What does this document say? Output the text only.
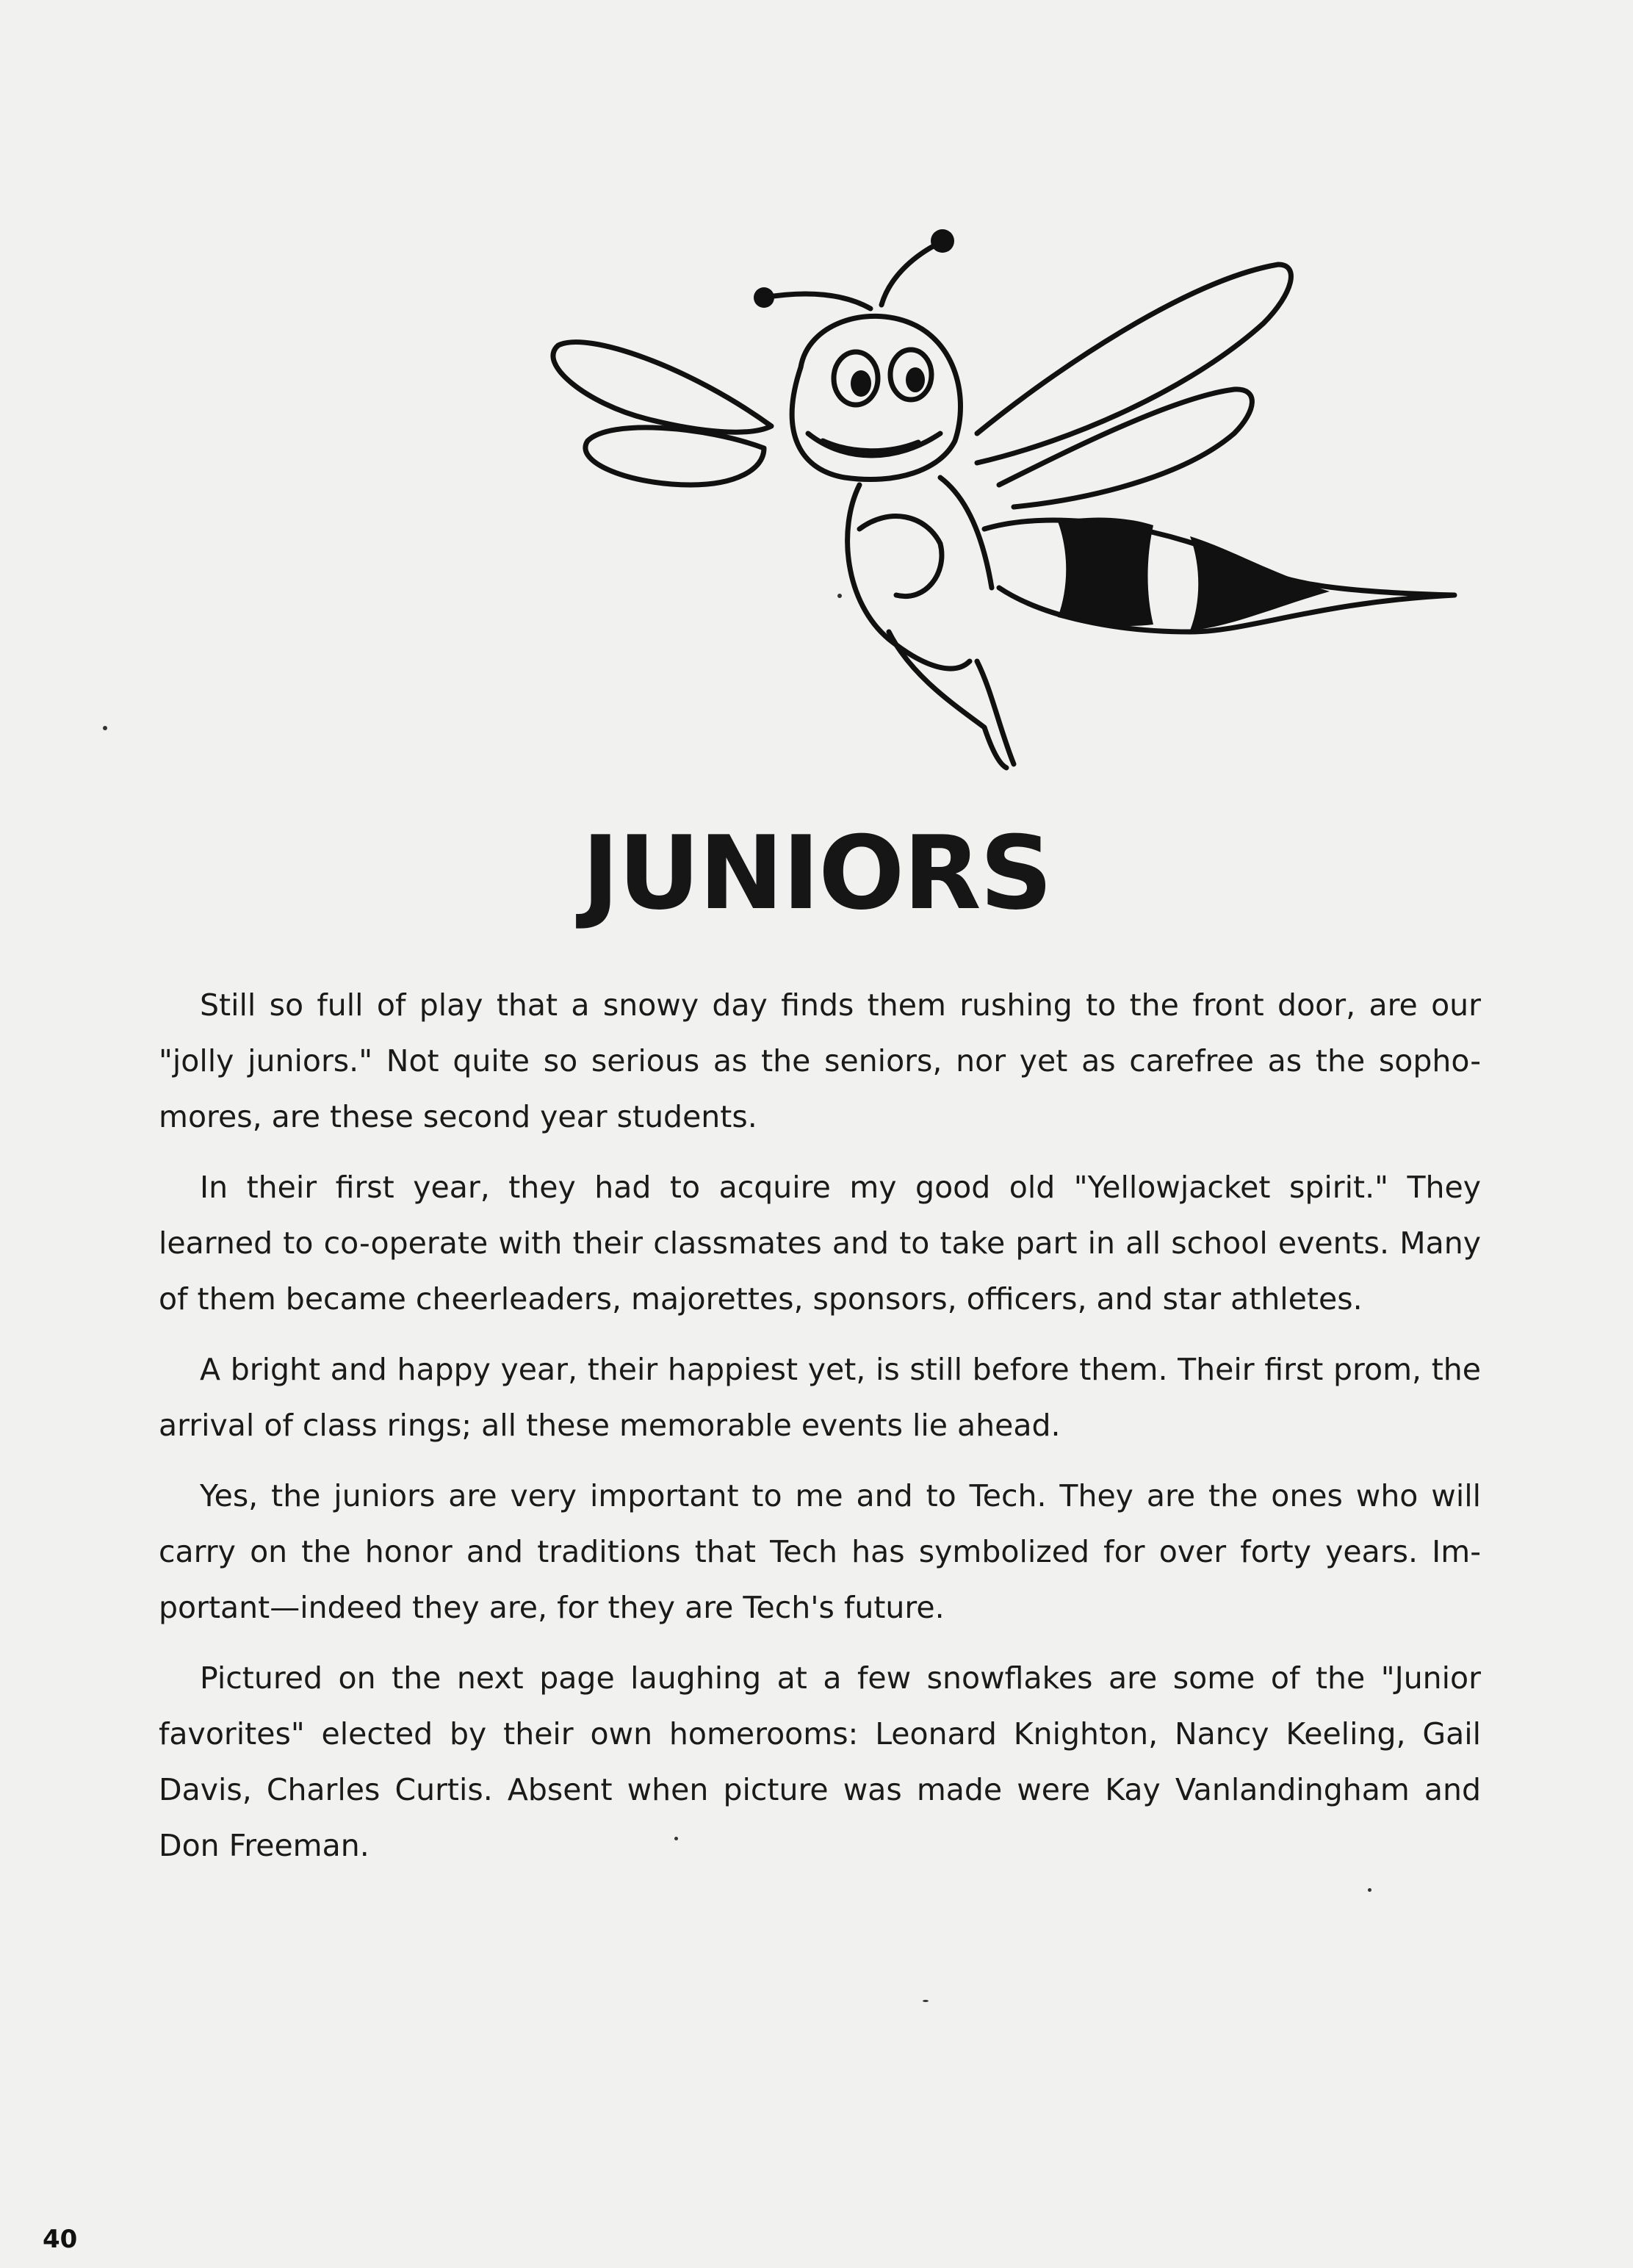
JUNIORS

Still so full of play that a snowy day finds them rushing to the front door, are our "jolly juniors." Not quite so serious as the seniors, nor yet as carefree as the sopho-mores, are these second year students.

In their first year, they had to acquire my good old "Yellowjacket spirit." They learned to co-operate with their classmates and to take part in all school events. Many of them became cheerleaders, majorettes, sponsors, officers, and star athletes.

A bright and happy year, their happiest yet, is still before them. Their first prom, the arrival of class rings; all these memorable events lie ahead.

Yes, the juniors are very important to me and to Tech. They are the ones who will carry on the honor and traditions that Tech has symbolized for over forty years. Im-portant—indeed they are, for they are Tech's future.

Pictured on the next page laughing at a few snowflakes are some of the "Junior favorites" elected by their own homerooms: Leonard Knighton, Nancy Keeling, Gail Davis, Charles Curtis. Absent when picture was made were Kay Vanlandingham and Don Freeman.

40
